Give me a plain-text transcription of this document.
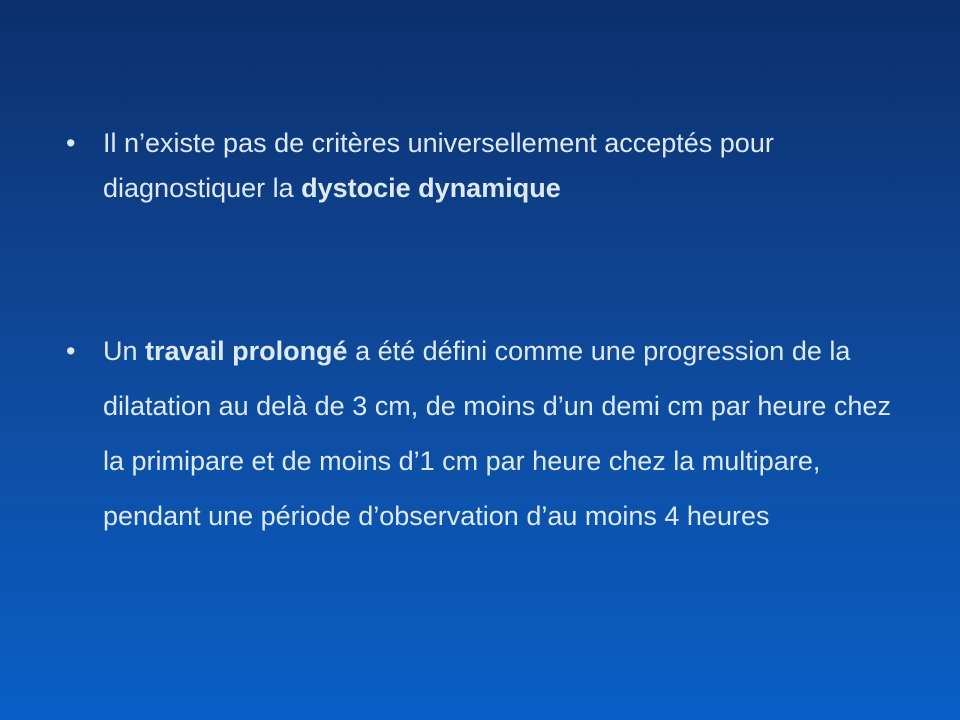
• Il n’existe pas de critères universellement acceptés pour diagnostiquer la dystocie dynamique
• Un travail prolongé a été défini comme une progression de la dilatation au delà de 3 cm, de moins d’un demi cm par heure chez la primipare et de moins d’1 cm par heure chez la multipare, pendant une période d’observation d’au moins 4 heures
